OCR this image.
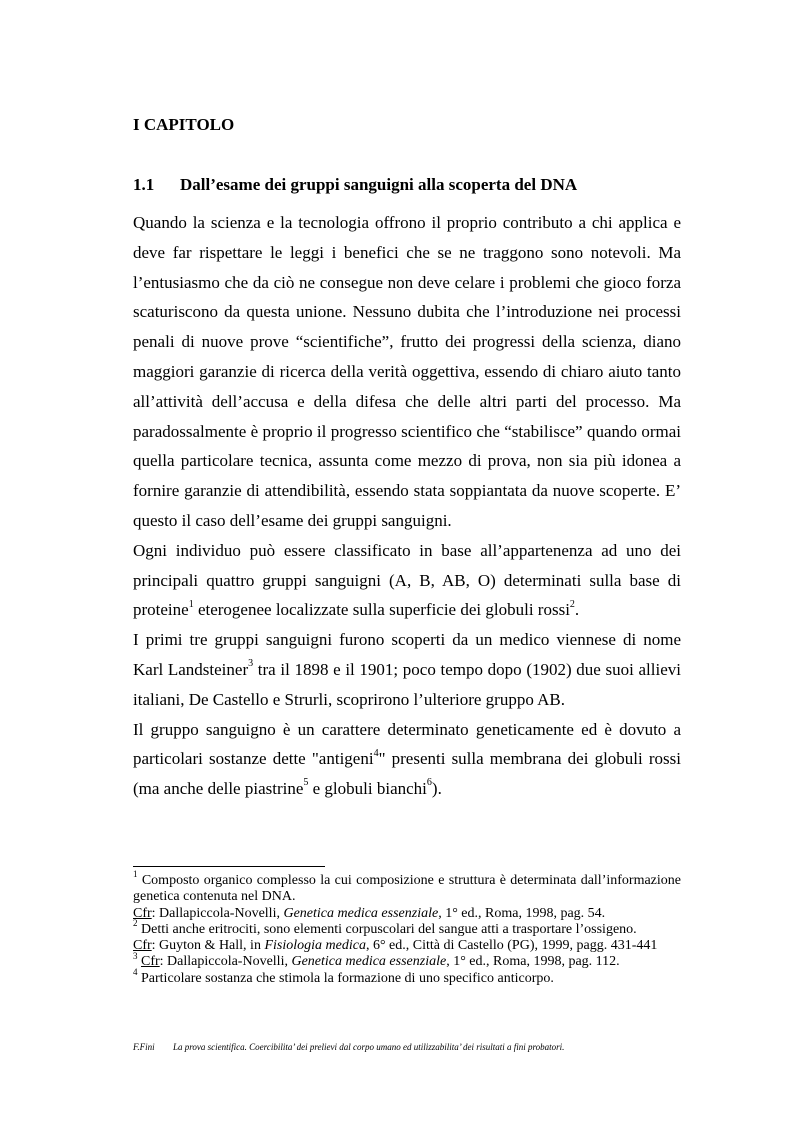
I CAPITOLO
1.1 Dall’esame dei gruppi sanguigni alla scoperta del DNA

Quando la scienza e la tecnologia offrono il proprio contributo a chi applica e deve far rispettare le leggi i benefici che se ne traggono sono notevoli. Ma l’entusiasmo che da ciò ne consegue non deve celare i problemi che gioco forza scaturiscono da questa unione. Nessuno dubita che l’introduzione nei processi penali di nuove prove “scientifiche”, frutto dei progressi della scienza, diano maggiori garanzie di ricerca della verità oggettiva, essendo di chiaro aiuto tanto all’attività dell’accusa e della difesa che delle altri parti del processo. Ma paradossalmente è proprio il progresso scientifico che “stabilisce” quando ormai quella particolare tecnica, assunta come mezzo di prova, non sia più idonea a fornire garanzie di attendibilità, essendo stata soppiantata da nuove scoperte. E’ questo il caso dell’esame dei gruppi sanguigni.

Ogni individuo può essere classificato in base all’appartenenza ad uno dei principali quattro gruppi sanguigni (A, B, AB, O) determinati sulla base di proteine$^1$ eterogenee localizzate sulla superficie dei globuli rossi$^2$.

I primi tre gruppi sanguigni furono scoperti da un medico viennese di nome Karl Landsteiner$^3$ tra il 1898 e il 1901; poco tempo dopo (1902) due suoi allievi italiani, De Castello e Strurli, scoprirono l’ulteriore gruppo AB.

Il gruppo sanguigno è un carattere determinato geneticamente ed è dovuto a particolari sostanze dette "antigeni$^4$" presenti sulla membrana dei globuli rossi (ma anche delle piastrine$^5$ e globuli bianchi$^6$).

$^1$ Composto organico complesso la cui composizione e struttura è determinata dall’informazione genetica contenuta nel DNA.

Cfr: Dallapiccola-Novelli, Genetica medica essenziale, 1° ed., Roma, 1998, pag. 54.

$^2$ Detti anche eritrociti, sono elementi corpuscolari del sangue atti a trasportare l’ossigeno.

Cfr: Guyton & Hall, in Fisiologia medica, 6° ed., Città di Castello (PG), 1999, pagg. 431-441

$^3$ Cfr: Dallapiccola-Novelli, Genetica medica essenziale, 1° ed., Roma, 1998, pag. 112.

$^4$ Particolare sostanza che stimola la formazione di uno specifico anticorpo.

F.Fini La prova scientifica. Coercibilita’ dei prelievi dal corpo umano ed utilizzabilita’ dei risultati a fini probatori.
